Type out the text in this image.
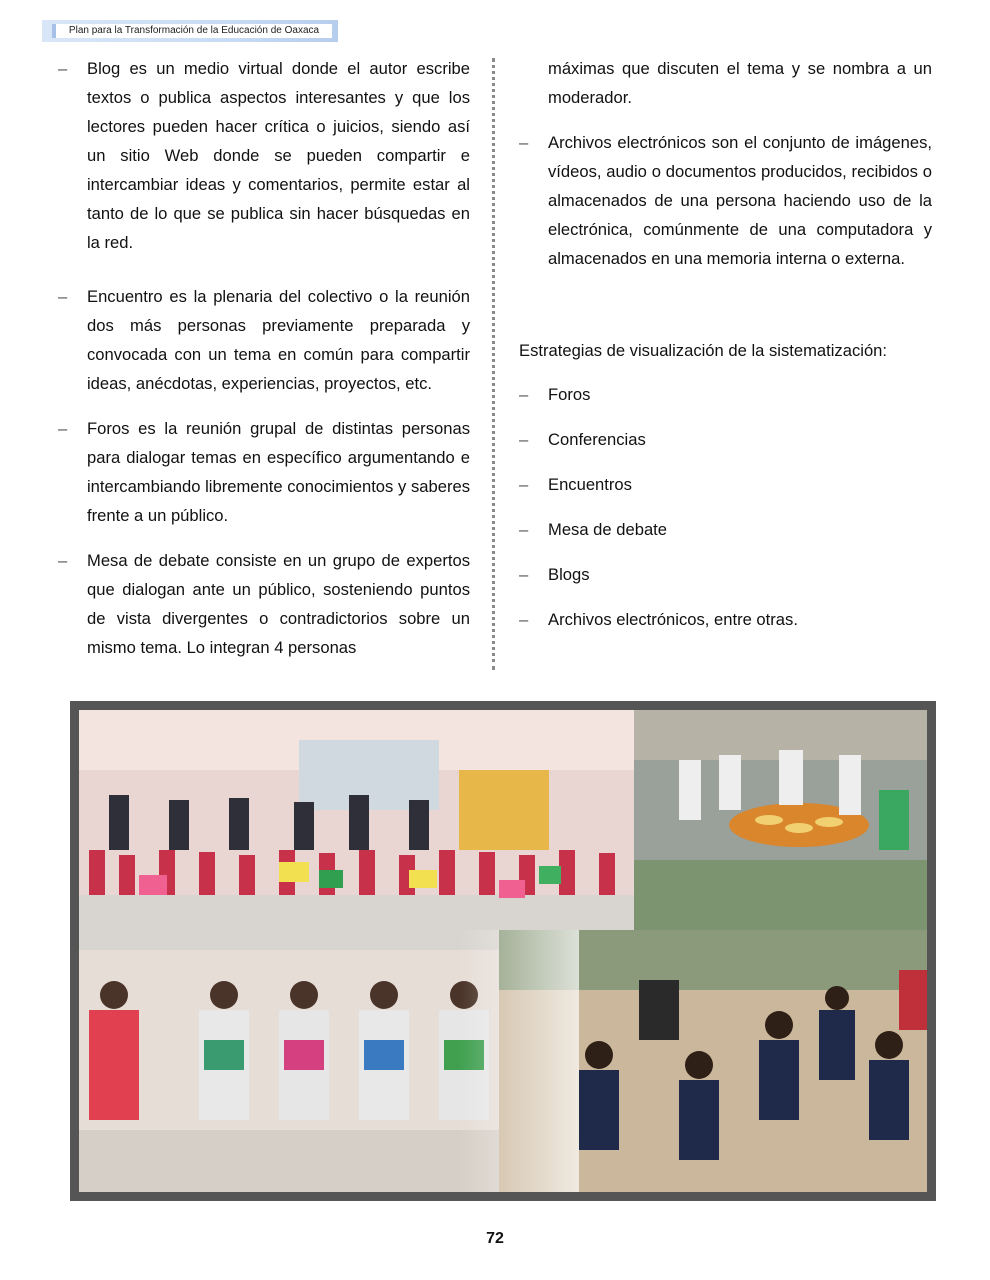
Plan para la Transformación de la Educación de Oaxaca
–	Blog es un medio virtual donde el autor escribe textos o publica aspectos interesantes y que los lectores pueden hacer crítica o juicios, siendo así un sitio Web donde se pueden compartir e intercambiar ideas y comentarios, permite estar al tanto de lo que se publica sin hacer búsquedas en la red.
–	Encuentro es la plenaria del colectivo o la reunión dos más personas previamente preparada y convocada con un tema en común para compartir ideas, anécdotas, experiencias, proyectos, etc.
–	Foros es la reunión grupal de distintas personas para dialogar temas en específico argumentando e intercambiando libremente conocimientos y saberes frente a un público.
–	Mesa de debate consiste en un grupo de expertos que dialogan ante un público, sosteniendo puntos de vista divergentes o contradictorios sobre un mismo tema. Lo integran 4 personas
máximas que discuten el tema y se nombra a un moderador.
–	Archivos electrónicos son el conjunto de imágenes, vídeos, audio o documentos producidos, recibidos o almacenados de una persona haciendo uso de la electrónica, comúnmente de una computadora y almacenados en una memoria interna o externa.
Estrategias de visualización de la sistematización:
–	Foros
–	Conferencias
–	Encuentros
–	Mesa de debate
–	Blogs
–	Archivos electrónicos, entre otras.
72
